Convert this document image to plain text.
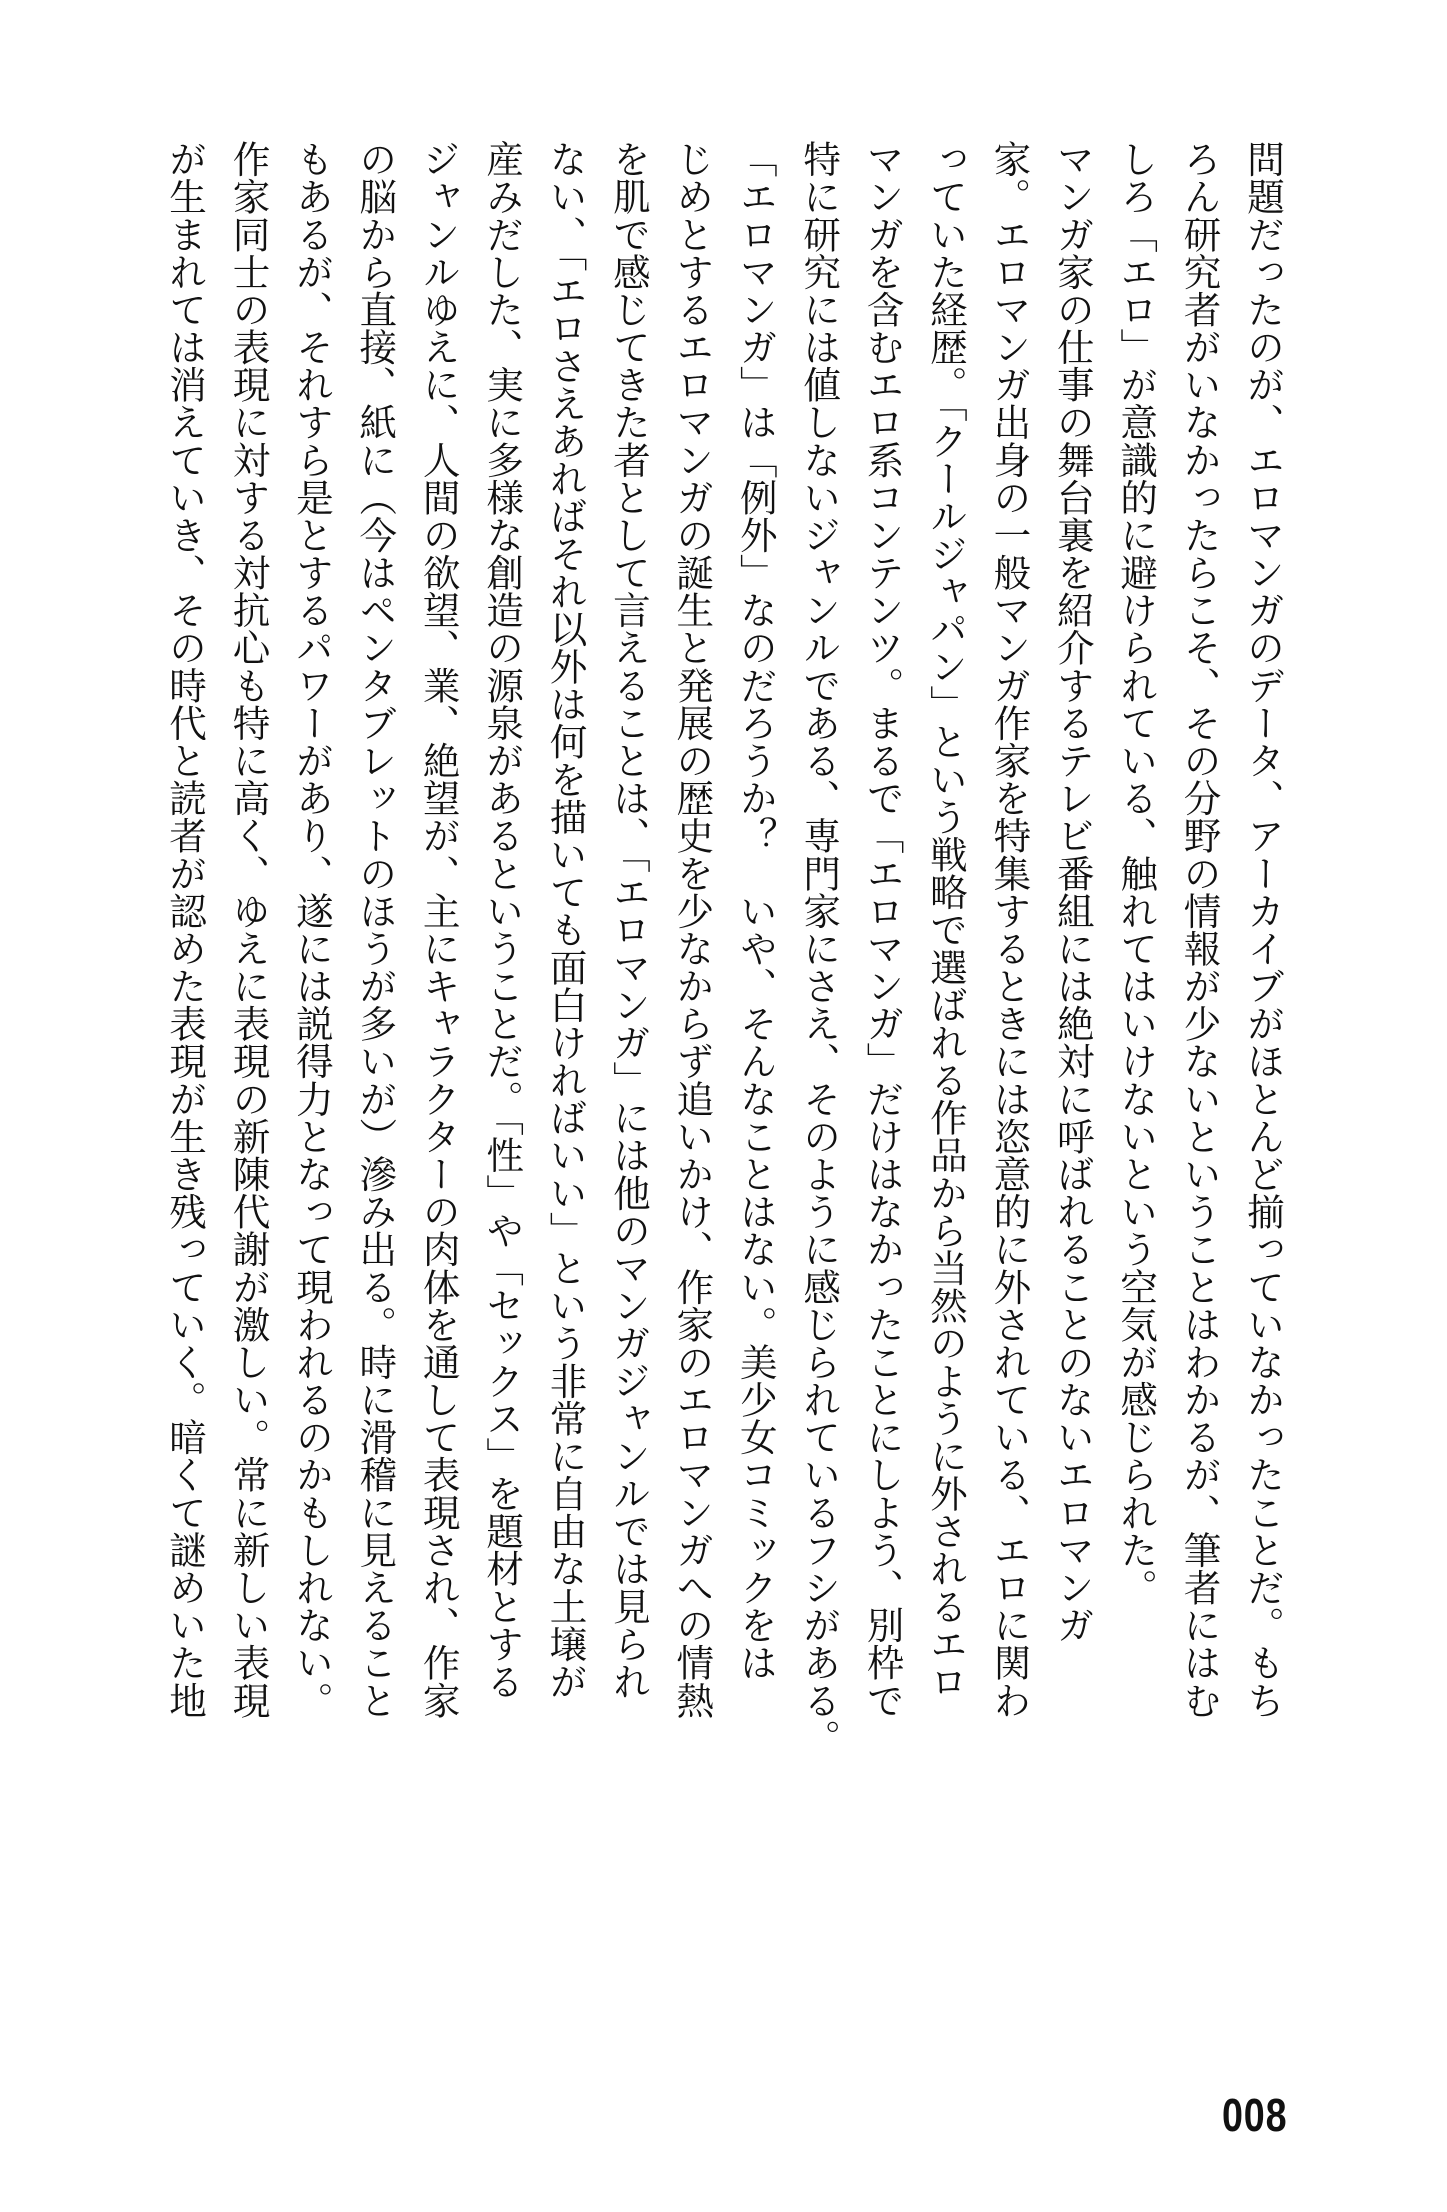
問題だったのが、エロマンガのデータ、アーカイブがほとんど揃っていなかったことだ。もち
ろん研究者がいなかったらこそ、その分野の情報が少ないということはわかるが、筆者にはむ
しろ「エロ」が意識的に避けられている、触れてはいけないという空気が感じられた。
マンガ家の仕事の舞台裏を紹介するテレビ番組には絶対に呼ばれることのないエロマンガ
家。エロマンガ出身の一般マンガ作家を特集するときには恣意的に外されている、エロに関わ
っていた経歴。「クールジャパン」という戦略で選ばれる作品から当然のように外されるエロ
マンガを含むエロ系コンテンツ。まるで「エロマンガ」だけはなかったことにしよう、別枠で
特に研究には値しないジャンルである、専門家にさえ、そのように感じられているフシがある。
「エロマンガ」は「例外」なのだろうか？　いや、そんなことはない。美少女コミックをは
じめとするエロマンガの誕生と発展の歴史を少なからず追いかけ、作家のエロマンガへの情熱
を肌で感じてきた者として言えることは、「エロマンガ」には他のマンガジャンルでは見られ
ない、「エロさえあればそれ以外は何を描いても面白ければいい」という非常に自由な土壌が
産みだした、実に多様な創造の源泉があるということだ。「性」や「セックス」を題材とする
ジャンルゆえに、人間の欲望、業、絶望が、主にキャラクターの肉体を通して表現され、作家
の脳から直接、紙に（今はペンタブレットのほうが多いが）滲み出る。時に滑稽に見えること
もあるが、それすら是とするパワーがあり、遂には説得力となって現われるのかもしれない。
作家同士の表現に対する対抗心も特に高く、ゆえに表現の新陳代謝が激しい。常に新しい表現
が生まれては消えていき、その時代と読者が認めた表現が生き残っていく。暗くて謎めいた地
008
